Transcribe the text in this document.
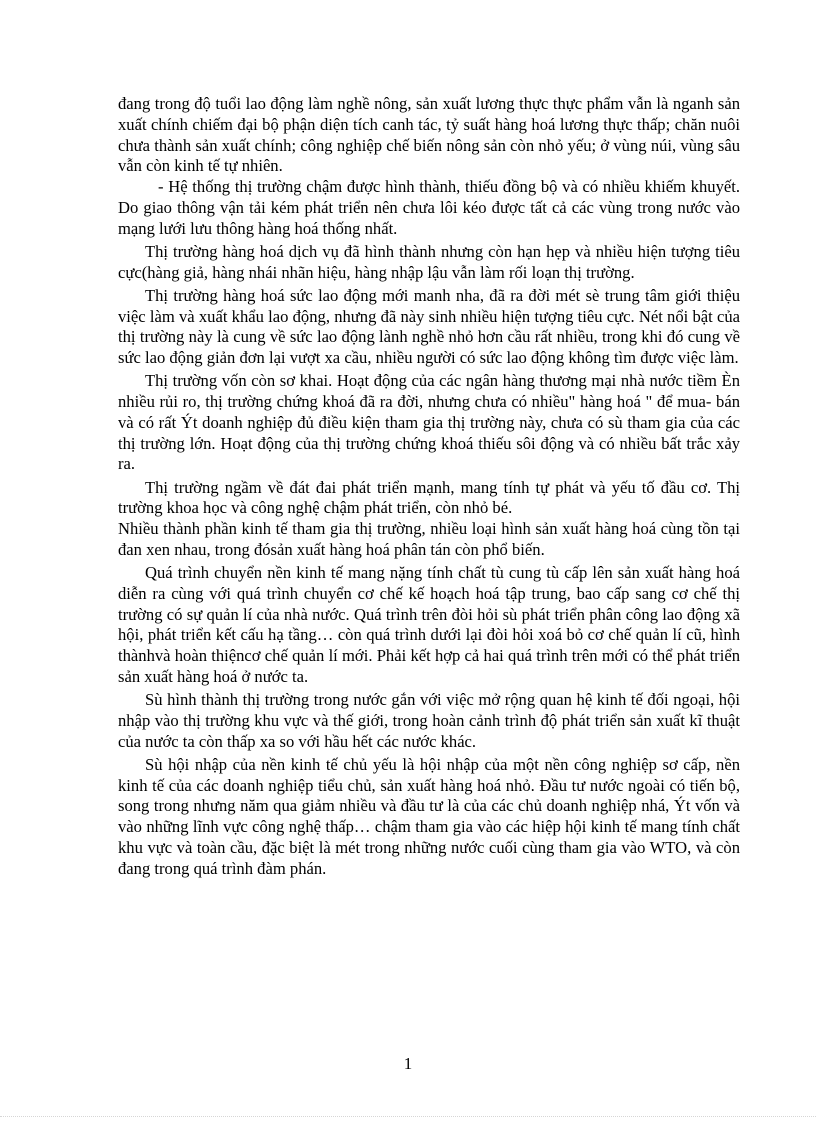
đang trong độ tuổi lao động làm nghề nông, sản xuất lương thực thực phẩm vẫn là nganh sản xuất chính chiếm đại bộ phận diện tích canh tác, tỷ suất hàng hoá lương thực thấp; chăn nuôi chưa thành sản xuất chính; công nghiệp chế biến nông sản còn nhỏ yếu; ở vùng núi, vùng sâu vẫn còn kinh tế tự nhiên.

- Hệ thống thị trường chậm được hình thành, thiếu đồng bộ và có nhiều khiếm khuyết. Do giao thông vận tải kém phát triển nên chưa lôi kéo được tất cả các vùng trong nước vào mạng lưới lưu thông hàng hoá thống nhất.

Thị trường hàng hoá dịch vụ đã hình thành nhưng còn hạn hẹp và nhiều hiện tượng tiêu cực(hàng giả, hàng nhái nhãn hiệu, hàng nhập lậu vẫn làm rối loạn thị trường.

Thị trường hàng hoá sức lao động mới manh nha, đã ra đời mét sè trung tâm giới thiệu việc làm và xuất khẩu lao động, nhưng đã này sinh nhiều hiện tượng tiêu cực. Nét nổi bật của thị trường này là cung về sức lao động lành nghề nhỏ hơn cầu rất nhiều, trong khi đó cung về sức lao động giản đơn lại vượt xa cầu, nhiều người có sức lao động không tìm được việc làm.

Thị trường vốn còn sơ khai. Hoạt động của các ngân hàng thương mại nhà nước tiềm Èn nhiều rủi ro, thị trường chứng khoá đã ra đời, nhưng chưa có nhiều" hàng hoá " để mua- bán và có rất Ýt doanh nghiệp đủ điều kiện tham gia thị trường này, chưa có sù tham gia của các thị trường lớn. Hoạt động của thị trường chứng khoá thiếu sôi động và có nhiều bất trắc xảy ra.

Thị trường ngầm về đát đai phát triển mạnh, mang tính tự phát và yếu tố đầu cơ. Thị trường khoa học và công nghệ chậm phát triển, còn nhỏ bé.

Nhiều thành phần kinh tế tham gia thị trường, nhiều loại hình sản xuất hàng hoá cùng tồn tại đan xen nhau, trong đósản xuất hàng hoá phân tán còn phổ biến.

Quá trình chuyển nền kinh tế mang nặng tính chất tù cung tù cấp lên sản xuất hàng hoá diễn ra cùng với quá trình chuyển cơ chế kế hoạch hoá tập trung, bao cấp sang cơ chế thị trường có sự quản lí của nhà nước. Quá trình trên đòi hỏi sù phát triển phân công lao động xã hội, phát triển kết cấu hạ tầng… còn quá trình dưới lại đòi hỏi xoá bỏ cơ chế quản lí cũ, hình thànhvà hoàn thiệncơ chế quản lí mới. Phải kết hợp cả hai quá trình trên mới có thể phát triển sản xuất hàng hoá ở nước ta.

Sù hình thành thị trường trong nước gắn với việc mở rộng quan hệ kinh tế đối ngoại, hội nhập vào thị trường khu vực và thế giới, trong hoàn cảnh trình độ phát triển sản xuất kĩ thuật của nước ta còn thấp xa so với hầu hết các nước khác.

Sù hội nhập của nền kinh tế chủ yếu là hội nhập của một nền công nghiệp sơ cấp, nền kinh tế của các doanh nghiệp tiểu chủ, sản xuất hàng hoá nhỏ. Đầu tư nước ngoài có tiến bộ, song trong nhưng năm qua giảm nhiều và đầu tư là của các chủ doanh nghiệp nhá, Ýt vốn và vào những lĩnh vực công nghệ thấp… chậm tham gia vào các hiệp hội kinh tế mang tính chất khu vực và toàn cầu, đặc biệt là mét trong những nước cuối cùng tham gia vào WTO, và còn đang trong quá trình đàm phán.

1
